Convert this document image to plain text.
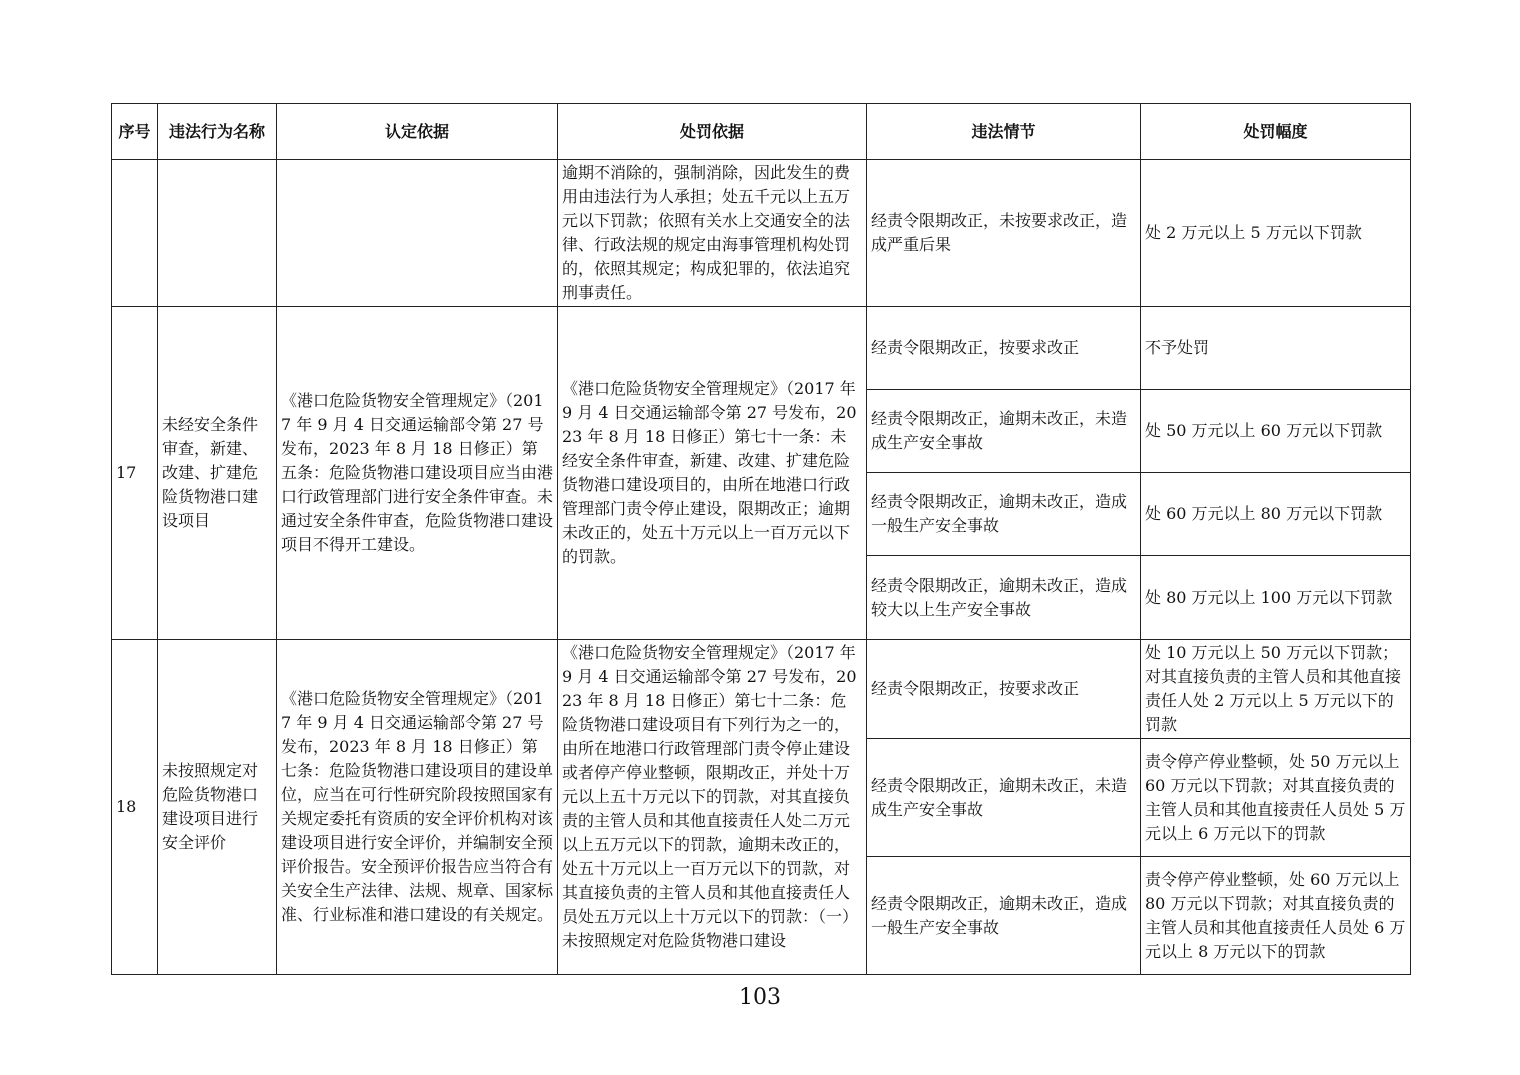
序号	违法行为名称	认定依据	处罚依据	违法情节	处罚幅度
			逾期不消除的，强制消除，因此发生的费用由违法行为人承担；处五千元以上五万元以下罚款；依照有关水上交通安全的法律、行政法规的规定由海事管理机构处罚的，依照其规定；构成犯罪的，依法追究刑事责任。	经责令限期改正，未按要求改正，造成严重后果	处 2 万元以上 5 万元以下罚款
17	未经安全条件审查，新建、改建、扩建危险货物港口建设项目	《港口危险货物安全管理规定》（2017 年 9 月 4 日交通运输部令第 27 号发布，2023 年 8 月 18 日修正）第五条：危险货物港口建设项目应当由港口行政管理部门进行安全条件审查。未通过安全条件审查，危险货物港口建设项目不得开工建设。	《港口危险货物安全管理规定》（2017 年 9 月 4 日交通运输部令第 27 号发布，2023 年 8 月 18 日修正）第七十一条：未经安全条件审查，新建、改建、扩建危险货物港口建设项目的，由所在地港口行政管理部门责令停止建设，限期改正；逾期未改正的，处五十万元以上一百万元以下的罚款。	经责令限期改正，按要求改正	不予处罚
				经责令限期改正，逾期未改正，未造成生产安全事故	处 50 万元以上 60 万元以下罚款
				经责令限期改正，逾期未改正，造成一般生产安全事故	处 60 万元以上 80 万元以下罚款
				经责令限期改正，逾期未改正，造成较大以上生产安全事故	处 80 万元以上 100 万元以下罚款
18	未按照规定对危险货物港口建设项目进行安全评价	《港口危险货物安全管理规定》（2017 年 9 月 4 日交通运输部令第 27 号发布，2023 年 8 月 18 日修正）第七条：危险货物港口建设项目的建设单位，应当在可行性研究阶段按照国家有关规定委托有资质的安全评价机构对该建设项目进行安全评价，并编制安全预评价报告。安全预评价报告应当符合有关安全生产法律、法规、规章、国家标准、行业标准和港口建设的有关规定。	《港口危险货物安全管理规定》（2017 年 9 月 4 日交通运输部令第 27 号发布，2023 年 8 月 18 日修正）第七十二条：危险货物港口建设项目有下列行为之一的，由所在地港口行政管理部门责令停止建设或者停产停业整顿，限期改正，并处十万元以上五十万元以下的罚款，对其直接负责的主管人员和其他直接责任人处二万元以上五万元以下的罚款，逾期未改正的，处五十万元以上一百万元以下的罚款，对其直接负责的主管人员和其他直接责任人员处五万元以上十万元以下的罚款：（一）未按照规定对危险货物港口建设	经责令限期改正，按要求改正	处 10 万元以上 50 万元以下罚款；对其直接负责的主管人员和其他直接责任人处 2 万元以上 5 万元以下的罚款
				经责令限期改正，逾期未改正，未造成生产安全事故	责令停产停业整顿，处 50 万元以上 60 万元以下罚款；对其直接负责的主管人员和其他直接责任人员处 5 万元以上 6 万元以下的罚款
				经责令限期改正，逾期未改正，造成一般生产安全事故	责令停产停业整顿，处 60 万元以上 80 万元以下罚款；对其直接负责的主管人员和其他直接责任人员处 6 万元以上 8 万元以下的罚款
103
